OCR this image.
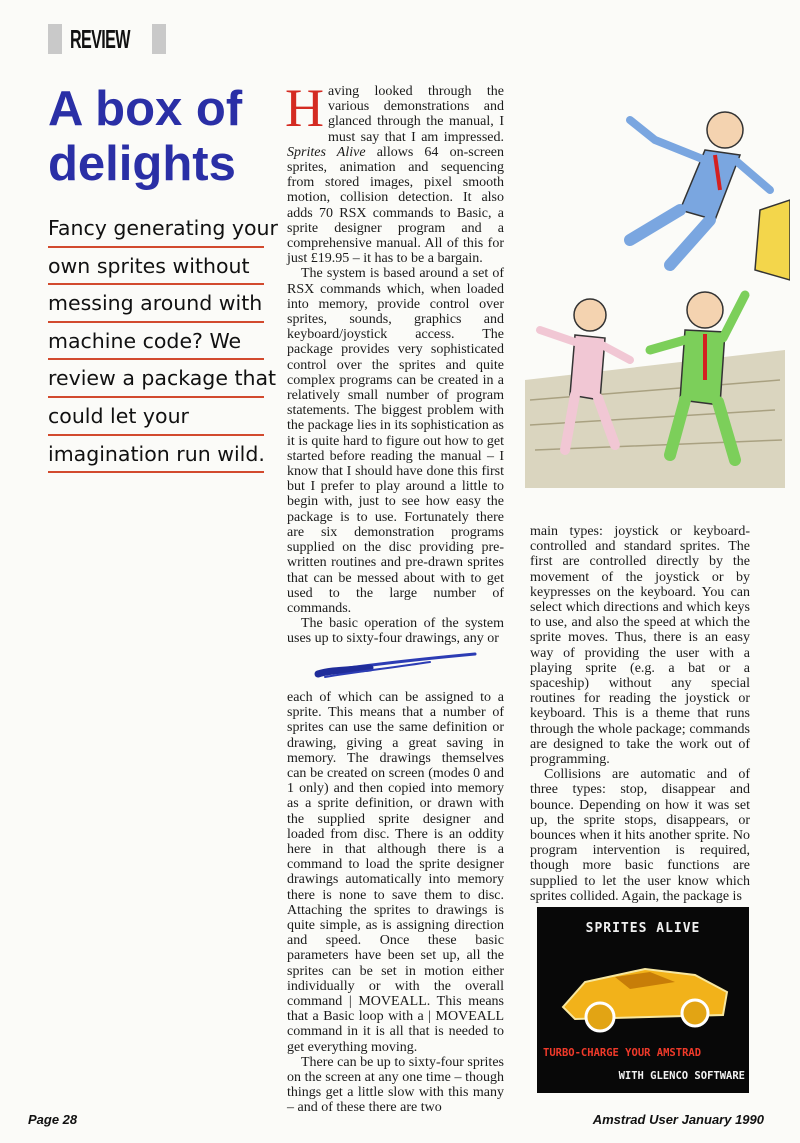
REVIEW
A box of delights
Fancy generating your
own sprites without
messing around with
machine code? We
review a package that
could let your
imagination run wild.

Having looked through the various demonstrations and glanced through the manual, I must say that I am impressed. Sprites Alive allows 64 on-screen sprites, animation and sequencing from stored images, pixel smooth motion, collision detection. It also adds 70 RSX commands to Basic, a sprite designer program and a comprehensive manual. All of this for just £19.95 – it has to be a bargain.

The system is based around a set of RSX commands which, when loaded into memory, provide control over sprites, sounds, graphics and keyboard/joystick access. The package provides very sophisticated control over the sprites and quite complex programs can be created in a relatively small number of program statements. The biggest problem with the package lies in its sophistication as it is quite hard to figure out how to get started before reading the manual – I know that I should have done this first but I prefer to play around a little to begin with, just to see how easy the package is to use. Fortunately there are six demonstration programs supplied on the disc providing pre-written routines and pre-drawn sprites that can be messed about with to get used to the large number of commands.

The basic operation of the system uses up to sixty-four drawings, any or

each of which can be assigned to a sprite. This means that a number of sprites can use the same definition or drawing, giving a great saving in memory. The drawings themselves can be created on screen (modes 0 and 1 only) and then copied into memory as a sprite definition, or drawn with the supplied sprite designer and loaded from disc. There is an oddity here in that although there is a command to load the sprite designer drawings automatically into memory there is none to save them to disc. Attaching the sprites to drawings is quite simple, as is assigning direction and speed. Once these basic parameters have been set up, all the sprites can be set in motion either individually or with the overall command | MOVEALL. This means that a Basic loop with a | MOVEALL command in it is all that is needed to get everything moving.

There can be up to sixty-four sprites on the screen at any one time – though things get a little slow with this many – and of these there are two

main types: joystick or keyboard-controlled and standard sprites. The first are controlled directly by the movement of the joystick or by keypresses on the keyboard. You can select which directions and which keys to use, and also the speed at which the sprite moves. Thus, there is an easy way of providing the user with a playing sprite (e.g. a bat or a spaceship) without any special routines for reading the joystick or keyboard. This is a theme that runs through the whole package; commands are designed to take the work out of programming.

Collisions are automatic and of three types: stop, disappear and bounce. Depending on how it was set up, the sprite stops, disappears, or bounces when it hits another sprite. No program intervention is required, though more basic functions are supplied to let the user know which sprites collided. Again, the package is

SPRITES ALIVE
TURBO-CHARGE YOUR AMSTRAD
WITH GLENCO SOFTWARE
Page 28	Amstrad User January 1990
